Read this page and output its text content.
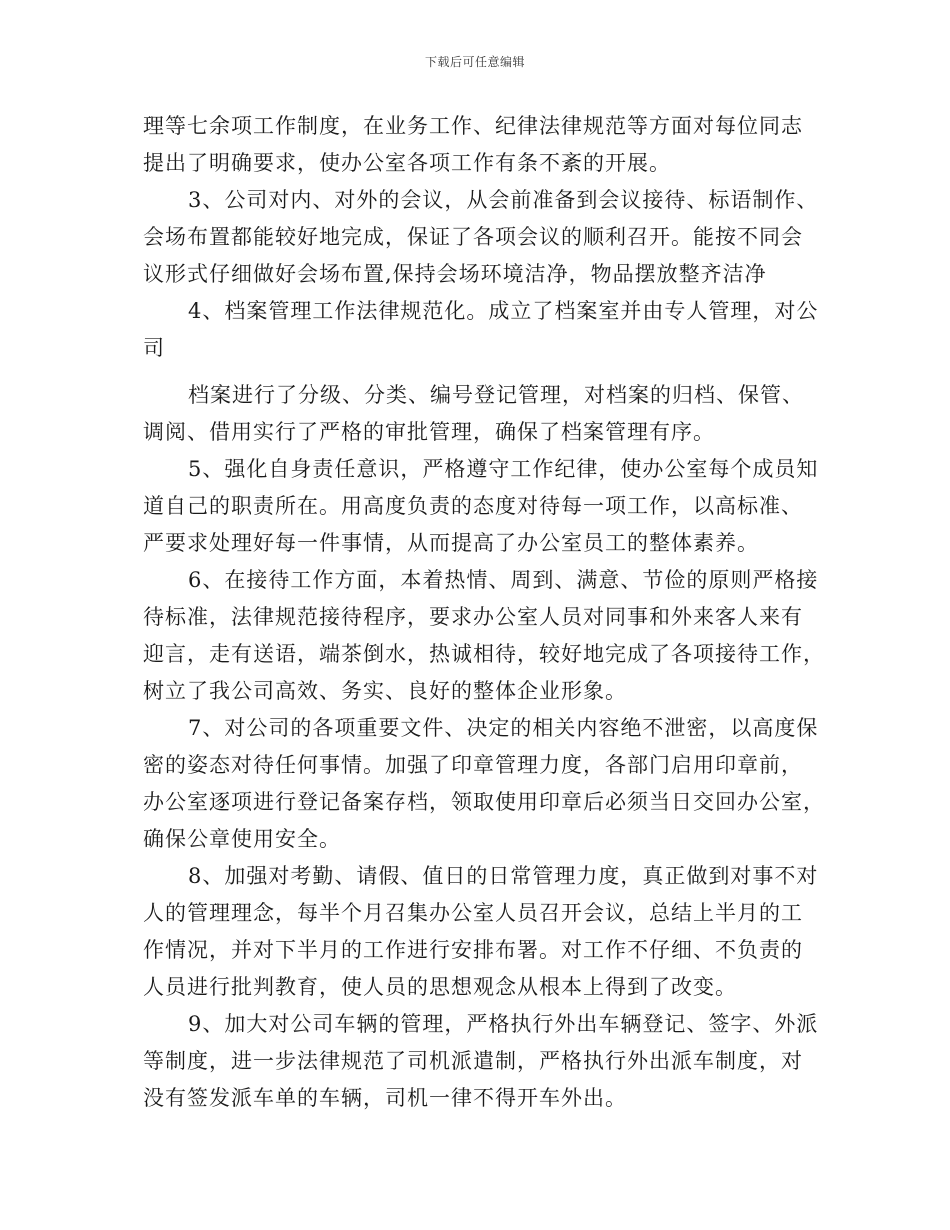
下载后可任意编辑
理等七余项工作制度，在业务工作、纪律法律规范等方面对每位同志
提出了明确要求，使办公室各项工作有条不紊的开展。
3、公司对内、对外的会议，从会前准备到会议接待、标语制作、
会场布置都能较好地完成，保证了各项会议的顺利召开。能按不同会
议形式仔细做好会场布置,保持会场环境洁净，物品摆放整齐洁净
4、档案管理工作法律规范化。成立了档案室并由专人管理，对公
司
档案进行了分级、分类、编号登记管理，对档案的归档、保管、
调阅、借用实行了严格的审批管理，确保了档案管理有序。
5、强化自身责任意识，严格遵守工作纪律，使办公室每个成员知
道自己的职责所在。用高度负责的态度对待每一项工作，以高标准、
严要求处理好每一件事情，从而提高了办公室员工的整体素养。
6、在接待工作方面，本着热情、周到、满意、节俭的原则严格接
待标准，法律规范接待程序，要求办公室人员对同事和外来客人来有
迎言，走有送语，端茶倒水，热诚相待，较好地完成了各项接待工作，
树立了我公司高效、务实、良好的整体企业形象。
7、对公司的各项重要文件、决定的相关内容绝不泄密，以高度保
密的姿态对待任何事情。加强了印章管理力度，各部门启用印章前，
办公室逐项进行登记备案存档，领取使用印章后必须当日交回办公室，
确保公章使用安全。
8、加强对考勤、请假、值日的日常管理力度，真正做到对事不对
人的管理理念，每半个月召集办公室人员召开会议，总结上半月的工
作情况，并对下半月的工作进行安排布署。对工作不仔细、不负责的
人员进行批判教育，使人员的思想观念从根本上得到了改变。
9、加大对公司车辆的管理，严格执行外出车辆登记、签字、外派
等制度，进一步法律规范了司机派遣制，严格执行外出派车制度，对
没有签发派车单的车辆，司机一律不得开车外出。
